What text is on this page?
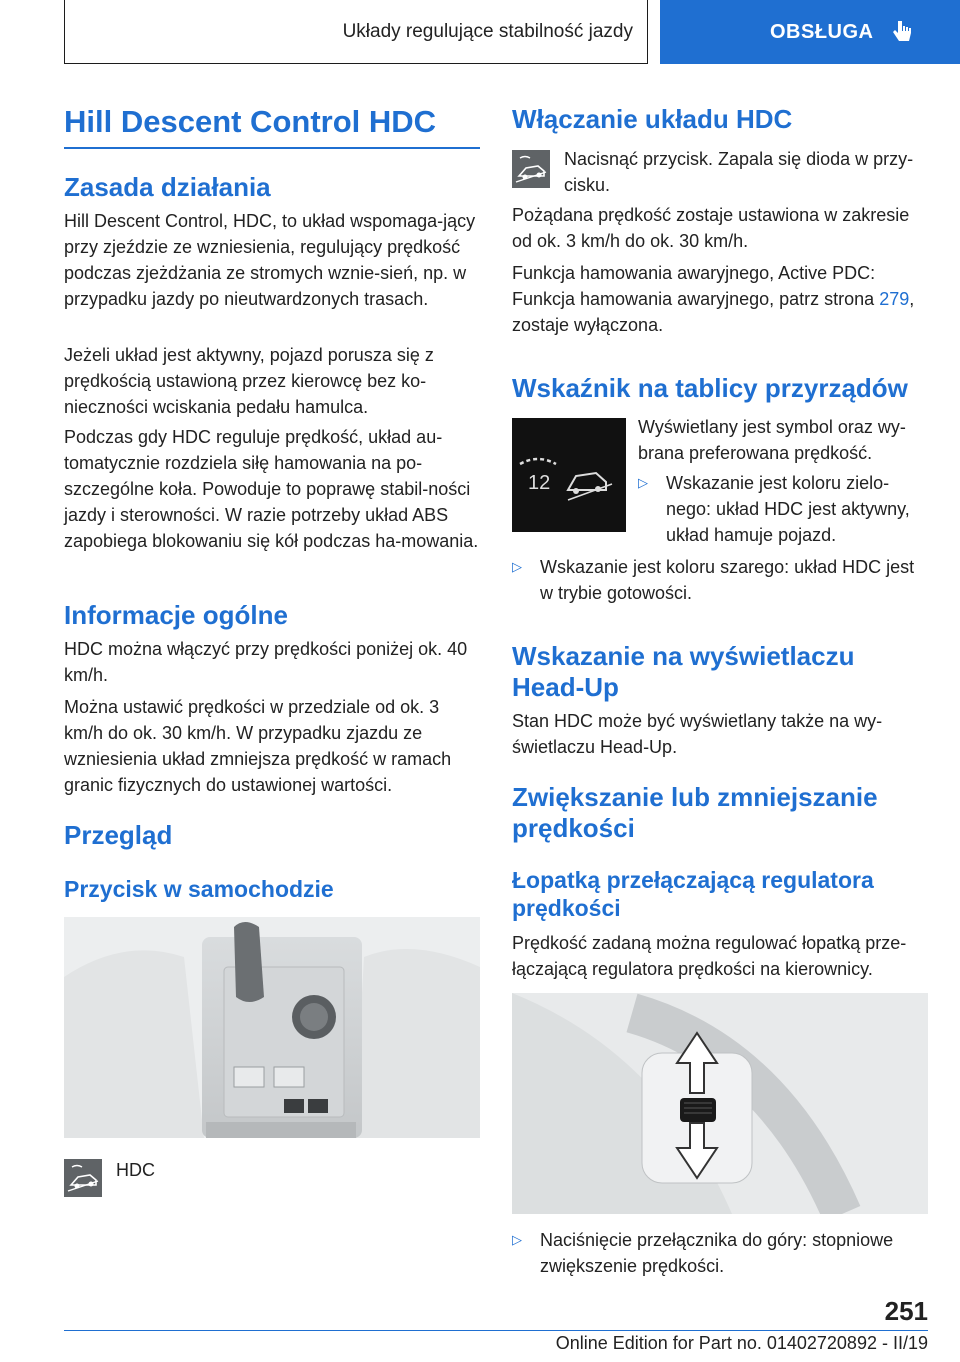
Układy regulujące stabilność jazdy	OBSŁUGA
Hill Descent Control HDC
Zasada działania

Hill Descent Control, HDC, to układ wspomaga-jący przy zjeździe ze wzniesienia, regulujący prędkość podczas zjeżdżania ze stromych wznie-sień, np. w przypadku jazdy po nieutwardzonych trasach.

Jeżeli układ jest aktywny, pojazd porusza się z prędkością ustawioną przez kierowcę bez ko-nieczności wciskania pedału hamulca.

Podczas gdy HDC reguluje prędkość, układ au-tomatycznie rozdziela siłę hamowania na po-szczególne koła. Powoduje to poprawę stabil-ności jazdy i sterowności. W razie potrzeby układ ABS zapobiega blokowaniu się kół podczas ha-mowania.

Informacje ogólne

HDC można włączyć przy prędkości poniżej ok. 40 km/h.

Można ustawić prędkości w przedziale od ok. 3 km/h do ok. 30 km/h. W przypadku zjazdu ze wzniesienia układ zmniejsza prędkość w ramach granic fizycznych do ustawionej wartości.

Przegląd
Przycisk w samochodzie

HDC

Włączanie układu HDC

Nacisnąć przycisk. Zapala się dioda w przy-cisku.

Pożądana prędkość zostaje ustawiona w zakresie od ok. 3 km/h do ok. 30 km/h.

Funkcja hamowania awaryjnego, Active PDC: Funkcja hamowania awaryjnego, patrz strona 279, zostaje wyłączona.

Wskaźnik na tablicy przyrządów
12

Wyświetlany jest symbol oraz wy-brana preferowana prędkość.

▷ Wskazanie jest koloru zielo-nego: układ HDC jest aktywny, układ hamuje pojazd.
▷ Wskazanie jest koloru szarego: układ HDC jest w trybie gotowości.
Wskazanie na wyświetlaczu Head-Up

Stan HDC może być wyświetlany także na wy-świetlaczu Head-Up.

Zwiększanie lub zmniejszanie prędkości
Łopatką przełączającą regulatora prędkości

Prędkość zadaną można regulować łopatką prze-łączającą regulatora prędkości na kierownicy.

▷ Naciśnięcie przełącznika do góry: stopniowe zwiększenie prędkości.
251
Online Edition for Part no. 01402720892 - II/19
